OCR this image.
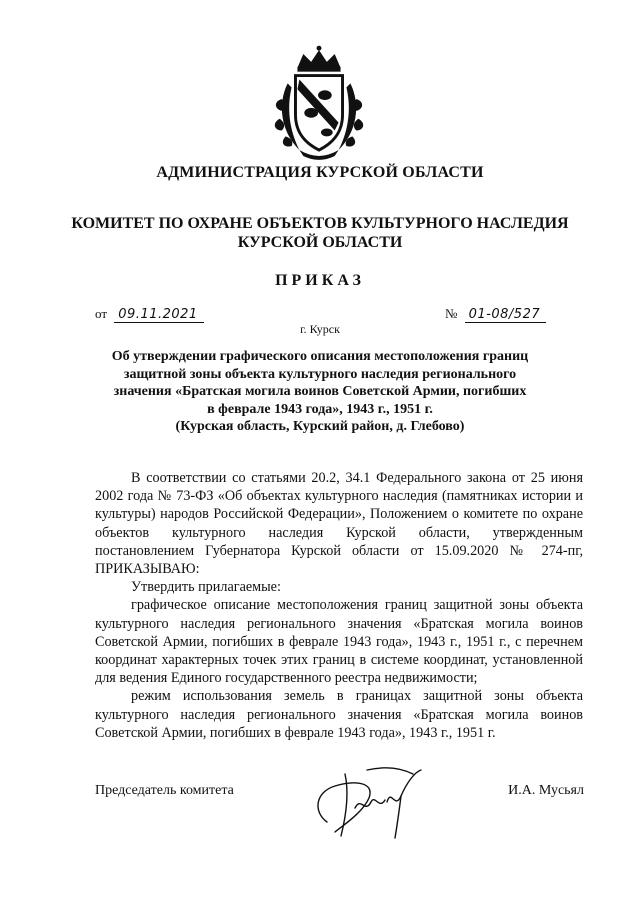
АДМИНИСТРАЦИЯ КУРСКОЙ ОБЛАСТИ
КОМИТЕТ ПО ОХРАНЕ ОБЪЕКТОВ КУЛЬТУРНОГО НАСЛЕДИЯ
КУРСКОЙ ОБЛАСТИ
ПРИКАЗ
от 09.11.2021	№ 01-08/527
г. Курск
Об утверждении графического описания местоположения границ
защитной зоны объекта культурного наследия регионального
значения «Братская могила воинов Советской Армии, погибших
в феврале 1943 года», 1943 г., 1951 г.
(Курская область, Курский район, д. Глебово)

В соответствии со статьями 20.2, 34.1 Федерального закона от 25 июня 2002 года № 73-ФЗ «Об объектах культурного наследия (памятниках истории и культуры) народов Российской Федерации», Положением о комитете по охране объектов культурного наследия Курской области, утвержденным постановлением Губернатора Курской области от 15.09.2020 № 274-пг, ПРИКАЗЫВАЮ:

Утвердить прилагаемые:

графическое описание местоположения границ защитной зоны объекта культурного наследия регионального значения «Братская могила воинов Советской Армии, погибших в феврале 1943 года», 1943 г., 1951 г., с перечнем координат характерных точек этих границ в системе координат, установленной для ведения Единого государственного реестра недвижимости;

режим использования земель в границах защитной зоны объекта культурного наследия регионального значения «Братская могила воинов Советской Армии, погибших в феврале 1943 года», 1943 г., 1951 г.

Председатель комитета	И.А. Мусьял
